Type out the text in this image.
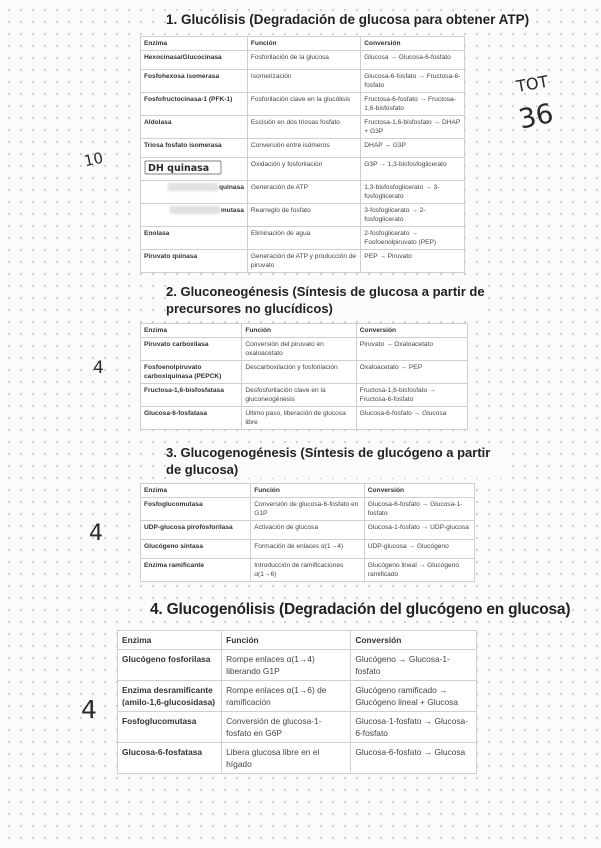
1. Glucólisis (Degradación de glucosa para obtener ATP)
Enzima	Función	Conversión
Hexocinasa/Glucocinasa	Fosforilación de la glucosa	Glucosa → Glucosa-6-fosfato
Fosfohexosa isomerasa	Isomerización	Glucosa-6-fosfato → Fructosa-6-fosfato
Fosfofructocinasa-1 (PFK-1)	Fosforilación clave en la glucólisis	Fructosa-6-fosfato → Fructosa-1,6-bisfosfato
Aldolasa	Escisión en dos triosas fosfato	Fructosa-1,6-bisfosfato → DHAP + G3P
Triosa fosfato isomerasa	Conversión entre isómeros	DHAP ↔ G3P

DH quinasa	Oxidación y fosforilación	G3P → 1,3-bisfosfoglicerato
quinasa	Generación de ATP	1,3-bisfosfoglicerato → 3-fosfoglicerato
mutasa	Rearreglo de fosfato	3-fosfoglicerato → 2-fosfoglicerato
Enolasa	Eliminación de agua	2-fosfoglicerato → Fosfoenolpiruvato (PEP)
Piruvato quinasa	Generación de ATP y producción de piruvato	PEP → Piruvato
2. Gluconeogénesis (Síntesis de glucosa a partir de precursores no glucídicos)
Enzima	Función	Conversión
Piruvato carboxilasa	Conversión del piruvato en oxaloacetato	Piruvato → Oxaloacetato
Fosfoenolpiruvato carboxiquinasa (PEPCK)	Descarboxilación y fosforilación	Oxaloacetato → PEP
Fructosa-1,6-bisfosfatasa	Desfosforilación clave en la gluconeogénesis	Fructosa-1,6-bisfosfato → Fructosa-6-fosfato
Glucosa-6-fosfatasa	Último paso, liberación de glucosa libre	Glucosa-6-fosfato → Glucosa
3. Glucogenogénesis (Síntesis de glucógeno a partir de glucosa)
Enzima	Función	Conversión
Fosfoglucomutasa	Conversión de glucosa-6-fosfato en G1P	Glucosa-6-fosfato → Glucosa-1-fosfato
UDP-glucosa pirofosforilasa	Activación de glucosa	Glucosa-1-fosfato → UDP-glucosa
Glucógeno sintasa	Formación de enlaces α(1→4)	UDP-glucosa → Glucógeno
Enzima ramificante	Introducción de ramificaciones α(1→6)	Glucógeno lineal → Glucógeno ramificado
4. Glucogenólisis (Degradación del glucógeno en glucosa)
Enzima	Función	Conversión
Glucógeno fosforilasa	Rompe enlaces α(1→4) liberando G1P	Glucógeno → Glucosa-1-fosfato
Enzima desramificante (amilo-1,6-glucosidasa)	Rompe enlaces α(1→6) de ramificación	Glucógeno ramificado → Glucógeno lineal + Glucosa
Fosfoglucomutasa	Conversión de glucosa-1-fosfato en G6P	Glucosa-1-fosfato → Glucosa-6-fosfato
Glucosa-6-fosfatasa	Libera glucosa libre en el hígado	Glucosa-6-fosfato → Glucosa
10
4
4
4
TOT
36
